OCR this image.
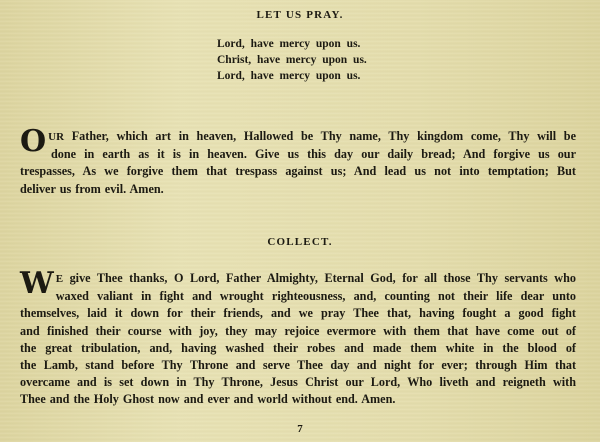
LET US PRAY.
Lord, have mercy upon us.
Christ, have mercy upon us.
Lord, have mercy upon us.
O UR Father, which art in heaven, Hallowed be Thy name, Thy kingdom come, Thy will be
done in earth as it is in heaven. Give us this day our daily bread; And forgive us our
trespasses, As we forgive them that trespass against us; And lead us not into temptation; But
deliver us from evil. Amen.
COLLECT.
W E give Thee thanks, O Lord, Father Almighty, Eternal God, for all those Thy servants who
waxed valiant in fight and wrought righteousness, and, counting not their life dear unto
themselves, laid it down for their friends, and we pray Thee that, having fought a good fight
and finished their course with joy, they may rejoice evermore with them that have come out of
the great tribulation, and, having washed their robes and made them white in the blood of
the Lamb, stand before Thy Throne and serve Thee day and night for ever; through Him that
overcame and is set down in Thy Throne, Jesus Christ our Lord, Who liveth and reigneth with
Thee and the Holy Ghost now and ever and world without end. Amen.
7
